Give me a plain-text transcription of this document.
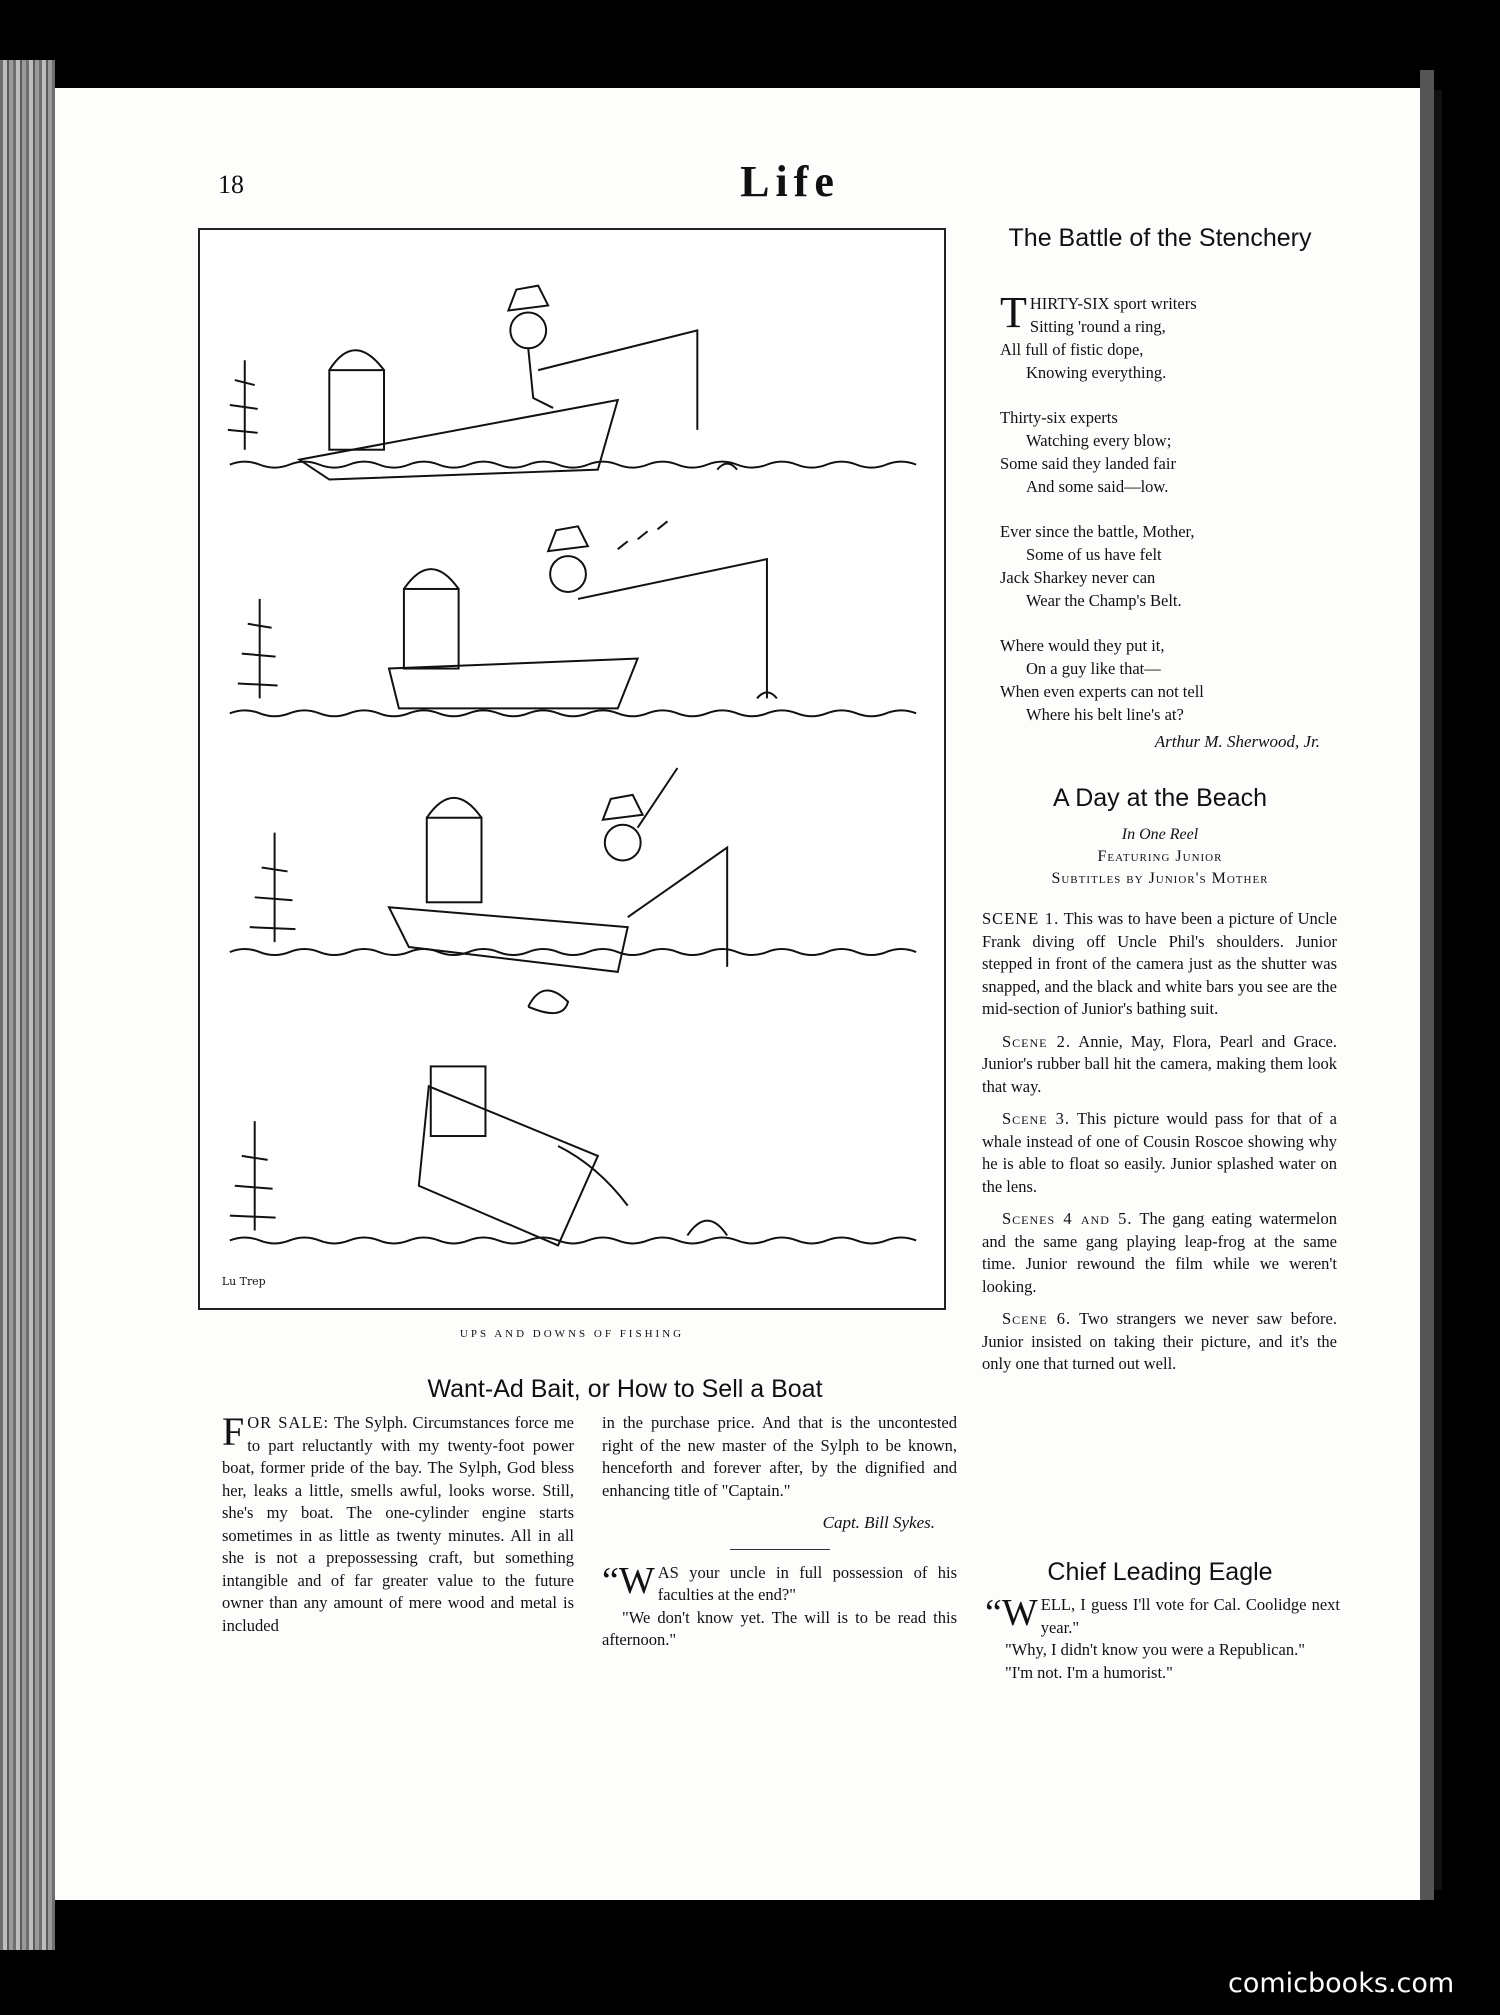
18	Life
Lu Trep
UPS AND DOWNS OF FISHING
The Battle of the Stenchery
T HIRTY-SIX sport writers
Sitting 'round a ring,
All full of fistic dope,
Knowing everything.
Thirty-six experts
Watching every blow;
Some said they landed fair
And some said—low.
Ever since the battle, Mother,
Some of us have felt
Jack Sharkey never can
Wear the Champ's Belt.
Where would they put it,
On a guy like that—
When even experts can not tell
Where his belt line's at?
Arthur M. Sherwood, Jr.
A Day at the Beach
In One Reel
Featuring Junior
Subtitles by Junior's Mother

SCENE 1. This was to have been a picture of Uncle Frank diving off Uncle Phil's shoulders. Junior stepped in front of the camera just as the shutter was snapped, and the black and white bars you see are the mid-section of Junior's bathing suit.

Scene 2. Annie, May, Flora, Pearl and Grace. Junior's rubber ball hit the camera, making them look that way.

Scene 3. This picture would pass for that of a whale instead of one of Cousin Roscoe showing why he is able to float so easily. Junior splashed water on the lens.

Scenes 4 and 5. The gang eating watermelon and the same gang playing leap-frog at the same time. Junior rewound the film while we weren't looking.

Scene 6. Two strangers we never saw before. Junior insisted on taking their picture, and it's the only one that turned out well.

Chief Leading Eagle

“WELL, I guess I'll vote for Cal. Coolidge next year."

"Why, I didn't know you were a Republican."

"I'm not. I'm a humorist."

Want-Ad Bait, or How to Sell a Boat
FOR SALE: The Sylph. Circumstances force me to part reluctantly with my twenty-foot power boat, former pride of the bay. The Sylph, God bless her, leaks a little, smells awful, looks worse. Still, she's my boat. The one-cylinder engine starts sometimes in as little as twenty minutes. All in all she is not a prepossessing craft, but something intangible and of far greater value to the future owner than any amount of mere wood and metal is included
in the purchase price. And that is the uncontested right of the new master of the Sylph to be known, henceforth and forever after, by the dignified and enhancing title of "Captain."
Capt. Bill Sykes.
“WAS your uncle in full possession of his faculties at the end?"
"We don't know yet. The will is to be read this afternoon."
comicbooks.com
